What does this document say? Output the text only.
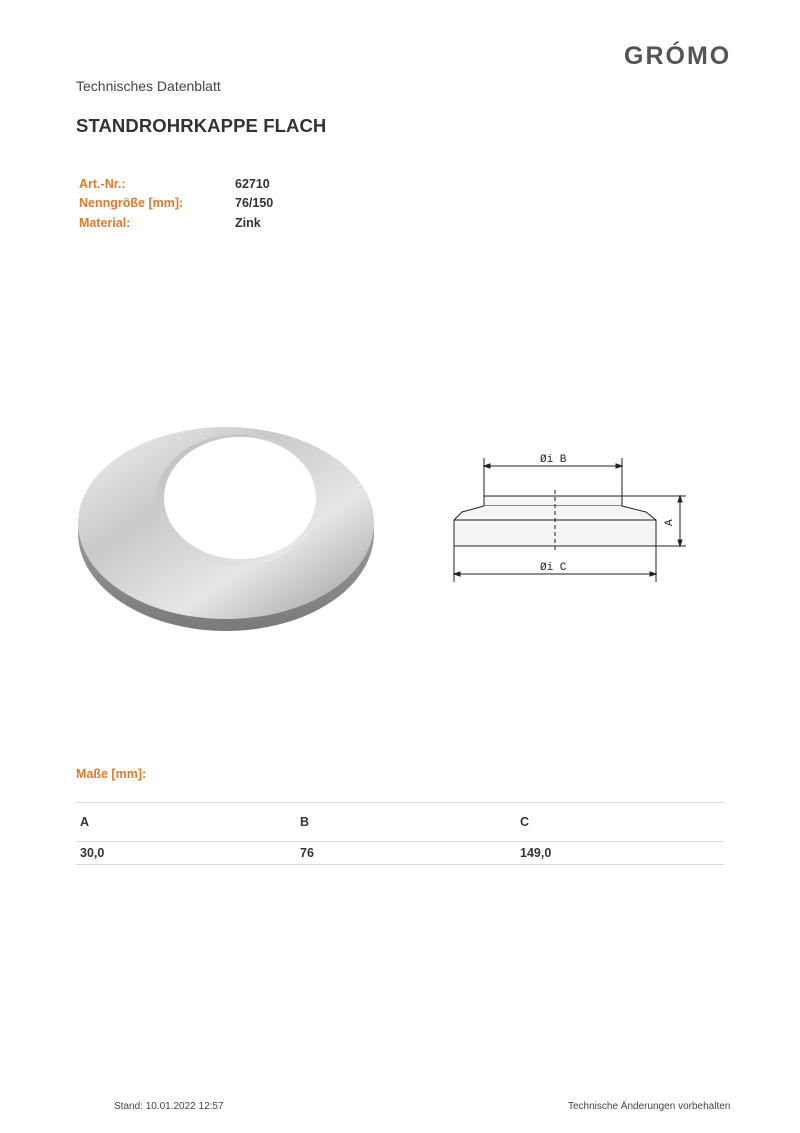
GRÓMO
Technisches Datenblatt
STANDROHRKAPPE FLACH
Art.-Nr.:	62710
Nenngröße [mm]:	76/150
Material:	Zink
Øi B
Øi C
A
Maße [mm]:
A	B	C
30,0	76	149,0
Stand: 10.01.2022 12:57	Technische Änderungen vorbehalten
